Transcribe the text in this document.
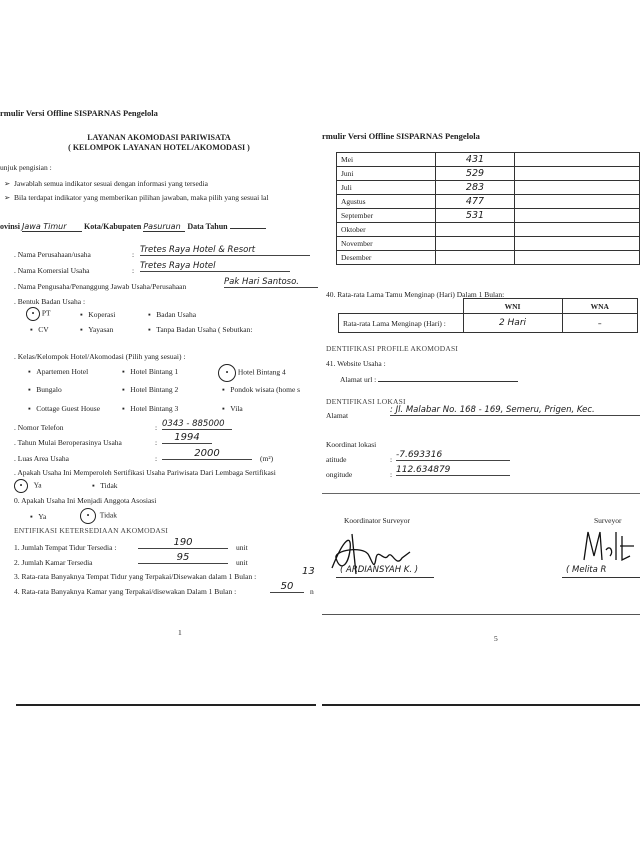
rmulir Versi Offline SISPARNAS Pengelola
LAYANAN AKOMODASI PARIWISATA
( KELOMPOK LAYANAN HOTEL/AKOMODASI )
unjuk pengisian :
➢  Jawablah semua indikator sesuai dengan informasi yang tersedia
➢  Bila terdapat indikator yang memberikan pilihan jawaban, maka pilih yang sesuai lal
ovinsi Jawa Timur Kota/Kabupaten Pasuruan Data Tahun
. Nama Perusahaan/usaha	: Tretes Raya Hotel & Resort
. Nama Komersial Usaha	: Tretes Raya Hotel
. Nama Pengusaha/Penanggung Jawab Usaha/Perusahaan	Pak Hari Santoso.
. Bentuk Badan Usaha :
• PT	▪   Koperasi	▪   Badan Usaha
▪   CV	▪   Yayasan	▪   Tanpa Badan Usaha ( Sebutkan:
. Kelas/Kelompok Hotel/Akomodasi (Pilih yang sesuai) :
▪   Apartemen Hotel	▪   Hotel Bintang 1	• Hotel Bintang 4
▪   Bungalo	▪   Hotel Bintang 2	▪   Pondok wisata (home s
▪   Cottage Guest House	▪   Hotel Bintang 3	▪   Vila
. Nomor Telefon	: 0343 - 885000
. Tahun Mulai Beroperasinya Usaha	:	1994
. Luas Area Usaha	:	2000	(m²)
. Apakah Usaha Ini Memperoleh Sertifikasi Usaha Pariwisata Dari Lembaga Sertifikasi
• Ya	▪   Tidak
0. Apakah Usaha Ini Menjadi Anggota Asosiasi
▪   Ya	• Tidak
ENTIFIKASI KETERSEDIAAN AKOMODASI
1. Jumlah Tempat Tidur Tersedia :	190	unit
2. Jumlah Kamar Tersedia	95	unit
3. Rata-rata Banyaknya Tempat Tidur yang Terpakai/Disewakan dalam 1 Bulan :	13
4. Rata-rata Banyaknya Kamar yang Terpakai/disewakan Dalam 1 Bulan :	50	n
1
rmulir Versi Offline SISPARNAS Pengelola
Mei	431	
Juni	529	
Juli	283	
Agustus	477	
September	531	
Oktober		
November		
Desember		
40. Rata-rata Lama Tamu Menginap (Hari) Dalam 1 Bulan:
	WNI	WNA
Rata-rata Lama Menginap (Hari) :	2 Hari	–
DENTIFIKASI PROFILE AKOMODASI
41. Website Usaha :
Alamat url :
DENTIFIKASI LOKASI
Alamat
: Jl. Malabar No. 168 - 169, Semeru, Prigen, Kec.
Koordinat lokasi
atitude	: -7.693316
ongitude	: 112.634879
Koordinator Surveyor
( ARDIANSYAH K. )
Surveyor
( Melita R
5
